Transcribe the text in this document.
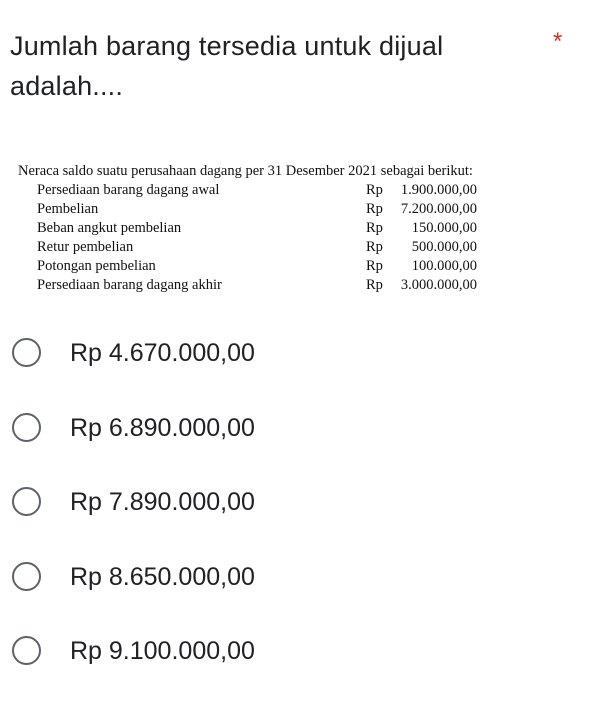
Jumlah barang tersedia untuk dijual adalah....
*
Neraca saldo suatu perusahaan dagang per 31 Desember 2021 sebagai berikut:
Persediaan barang dagang awal	Rp	1.900.000,00
Pembelian	Rp	7.200.000,00
Beban angkut pembelian	Rp	150.000,00
Retur pembelian	Rp	500.000,00
Potongan pembelian	Rp	100.000,00
Persediaan barang dagang akhir	Rp	3.000.000,00
Rp 4.670.000,00
Rp 6.890.000,00
Rp 7.890.000,00
Rp 8.650.000,00
Rp 9.100.000,00
